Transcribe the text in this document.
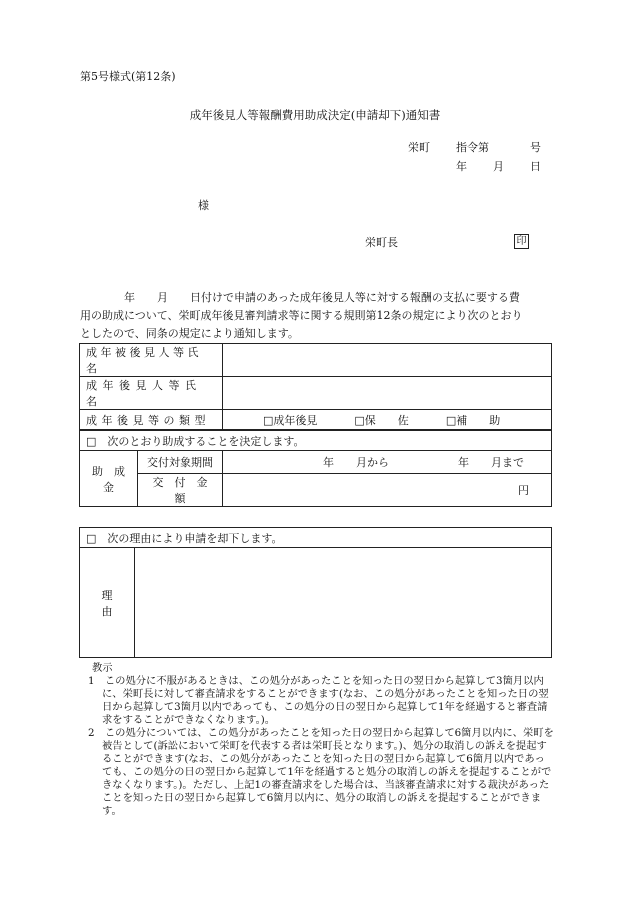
第5号様式(第12条)
成年後見人等報酬費用助成決定(申請却下)通知書
栄町 指令第	号
年 月 日
様
栄町長	印
年　　月　　日付けで申請のあった成年後見人等に対する報酬の支払に要する費
用の助成について、栄町成年後見審判請求等に関する規則第12条の規定により次のとおり
としたので、同条の規定により通知します。
成年被後見人等氏名	
成年後見人等氏名	
成年後見等の類型	□成年後見 □保　　佐 □補　　助
□　次のとおり助成することを決定します。		
助　成　金	交付対象期間	年　　月から 年　　月まで
	交　付　金　額	円
□　次の理由により申請を却下します。
理　　由	

教示

1　この処分に不服があるときは、この処分があったことを知った日の翌日から起算して3箇月以内に、栄町長に対して審査請求をすることができます(なお、この処分があったことを知った日の翌日から起算して3箇月以内であっても、この処分の日の翌日から起算して1年を経過すると審査請求をすることができなくなります。)。

2　この処分については、この処分があったことを知った日の翌日から起算して6箇月以内に、栄町を被告として(訴訟において栄町を代表する者は栄町長となります。)、処分の取消しの訴えを提起することができます(なお、この処分があったことを知った日の翌日から起算して6箇月以内であっても、この処分の日の翌日から起算して1年を経過すると処分の取消しの訴えを提起することができなくなります。)。ただし、上記1の審査請求をした場合は、当該審査請求に対する裁決があったことを知った日の翌日から起算して6箇月以内に、処分の取消しの訴えを提起することができます。
